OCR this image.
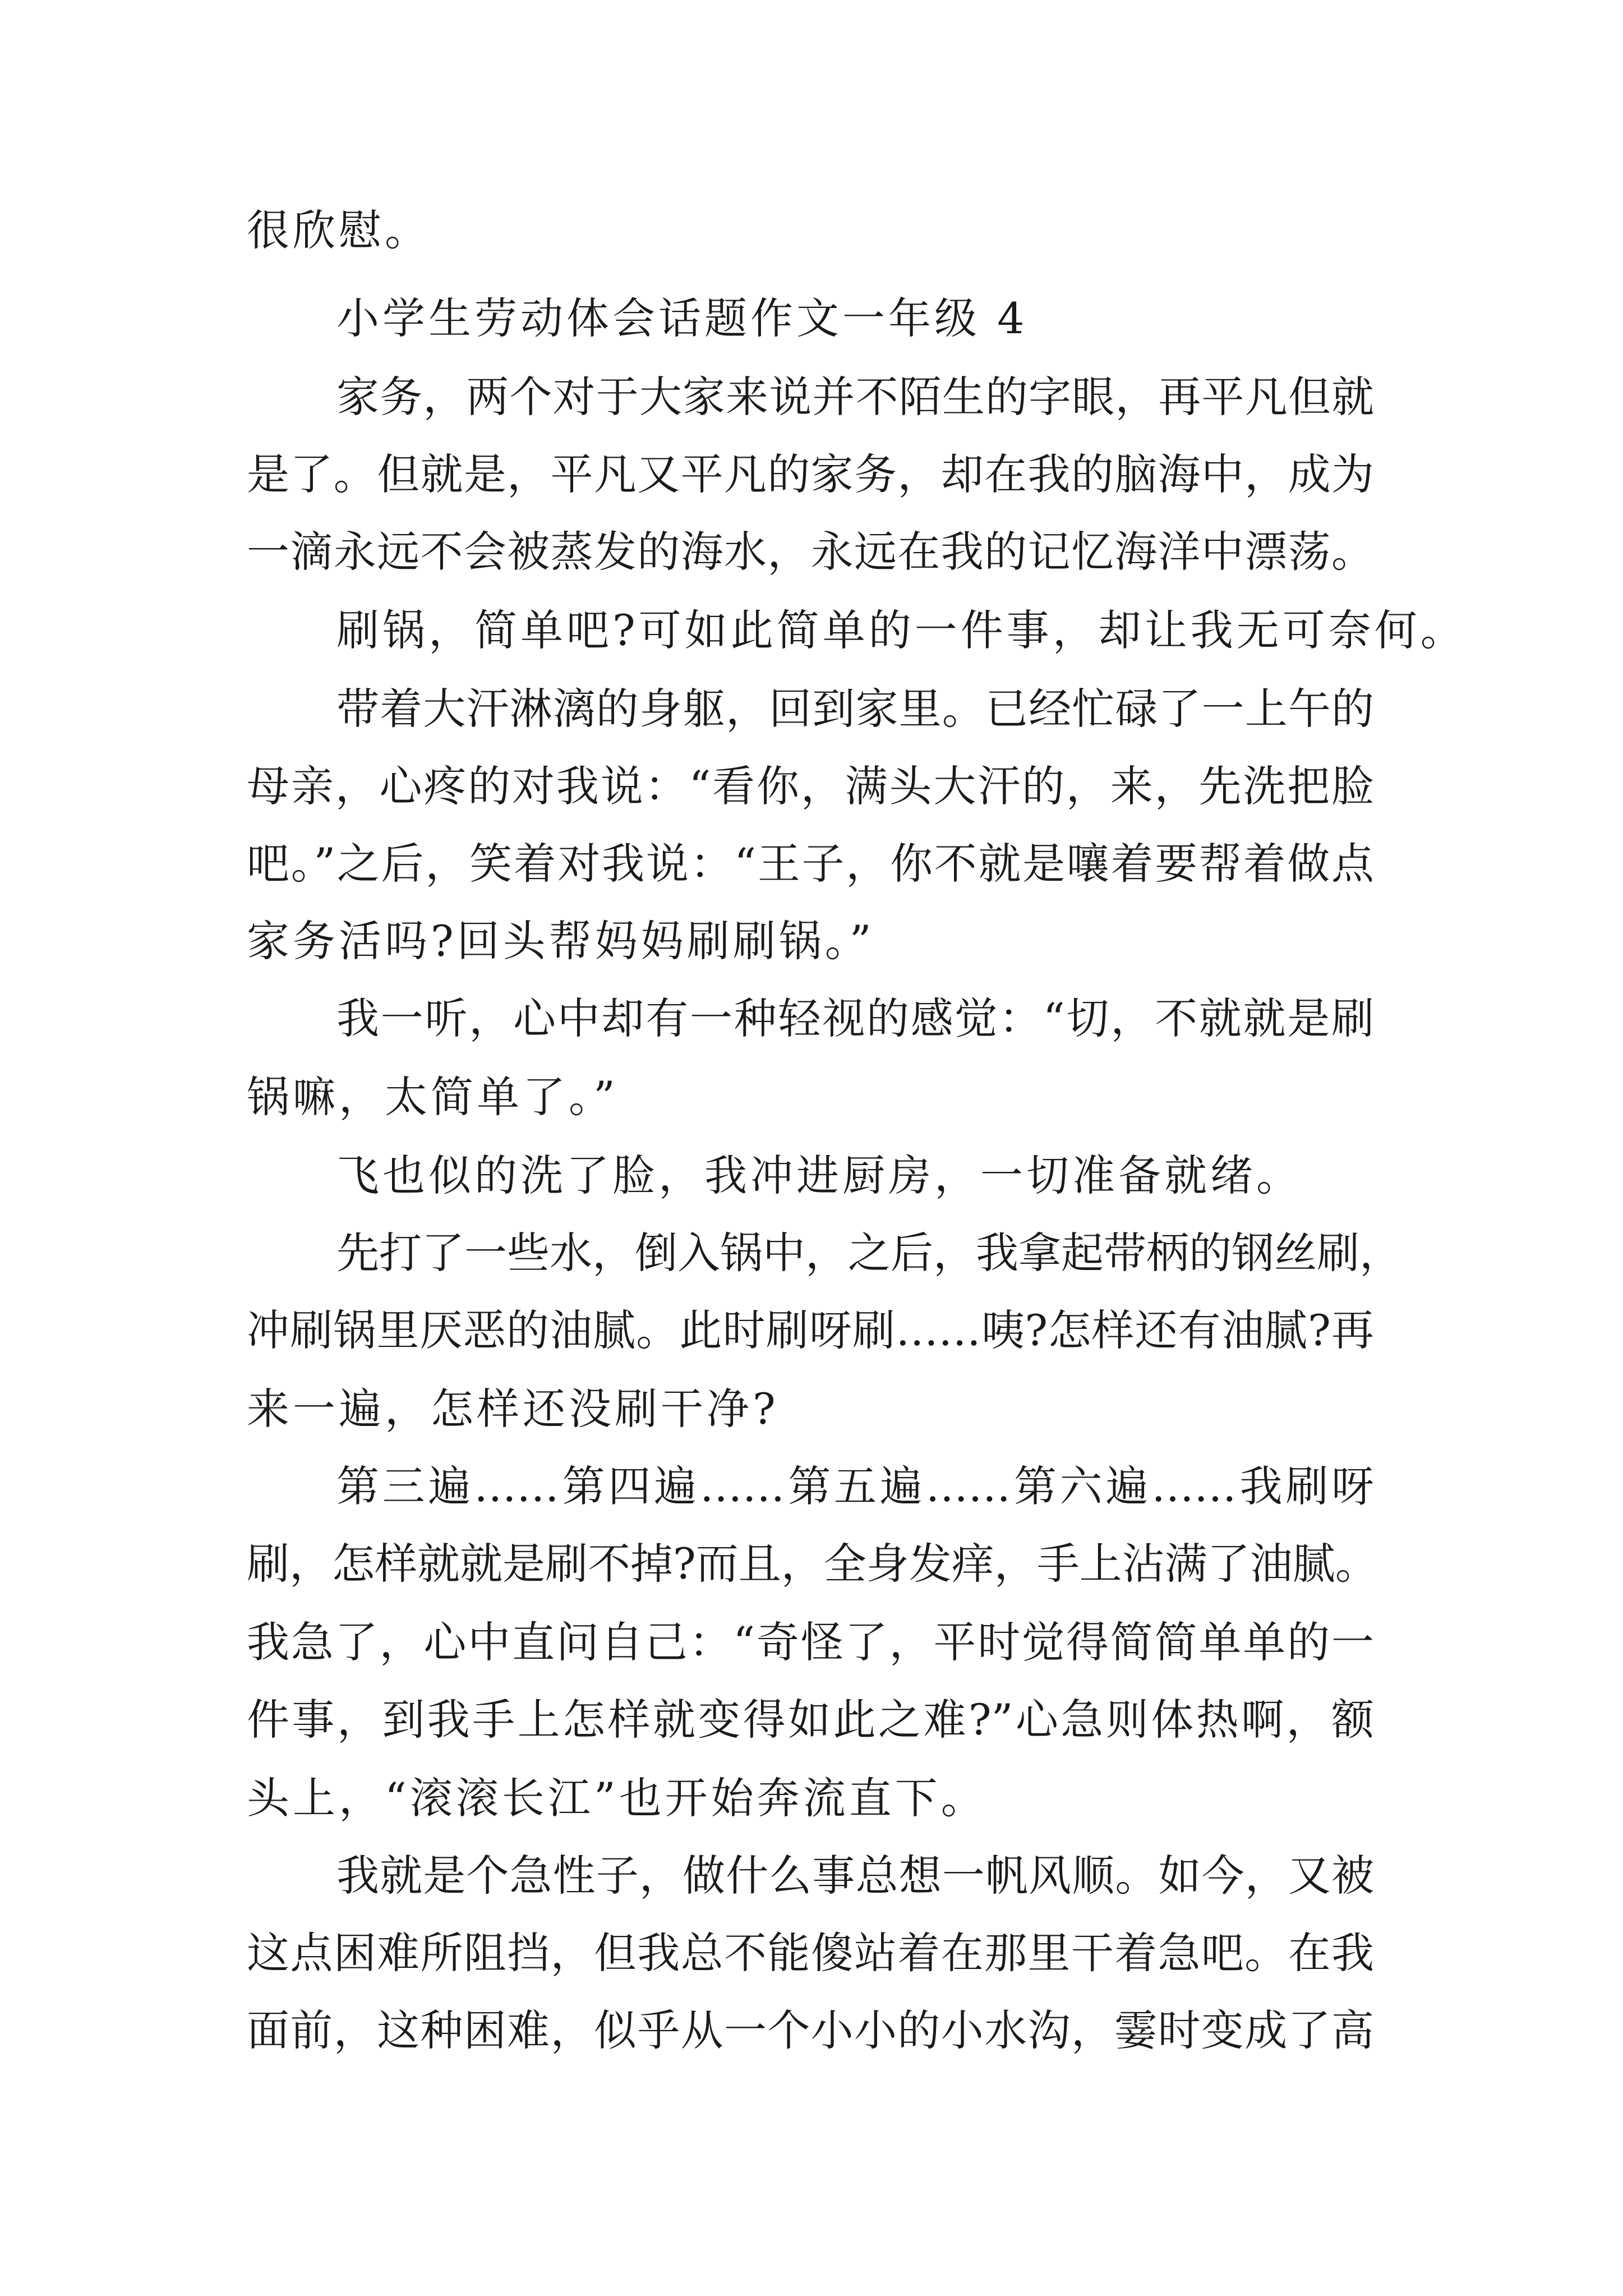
很欣慰。
小学生劳动体会话题作文一年级 4
家务，两个对于大家来说并不陌生的字眼，再平凡但就
是了。但就是，平凡又平凡的家务，却在我的脑海中，成为
一滴永远不会被蒸发的海水，永远在我的记忆海洋中漂荡。
刷锅，简单吧?可如此简单的一件事，却让我无可奈何。
带着大汗淋漓的身躯，回到家里。已经忙碌了一上午的
母亲，心疼的对我说：“看你，满头大汗的，来，先洗把脸
吧。”之后，笑着对我说：“王子，你不就是嚷着要帮着做点
家务活吗?回头帮妈妈刷刷锅。”
我一听，心中却有一种轻视的感觉：“切，不就就是刷
锅嘛，太简单了。”
飞也似的洗了脸，我冲进厨房，一切准备就绪。
先打了一些水，倒入锅中，之后，我拿起带柄的钢丝刷，
冲刷锅里厌恶的油腻。此时刷呀刷……咦?怎样还有油腻?再
来一遍，怎样还没刷干净?
第三遍……第四遍……第五遍……第六遍……我刷呀
刷，怎样就就是刷不掉?而且，全身发痒，手上沾满了油腻。
我急了，心中直问自己：“奇怪了，平时觉得简简单单的一
件事，到我手上怎样就变得如此之难?”心急则体热啊，额
头上，“滚滚长江”也开始奔流直下。
我就是个急性子，做什么事总想一帆风顺。如今，又被
这点困难所阻挡，但我总不能傻站着在那里干着急吧。在我
面前，这种困难，似乎从一个小小的小水沟，霎时变成了高
